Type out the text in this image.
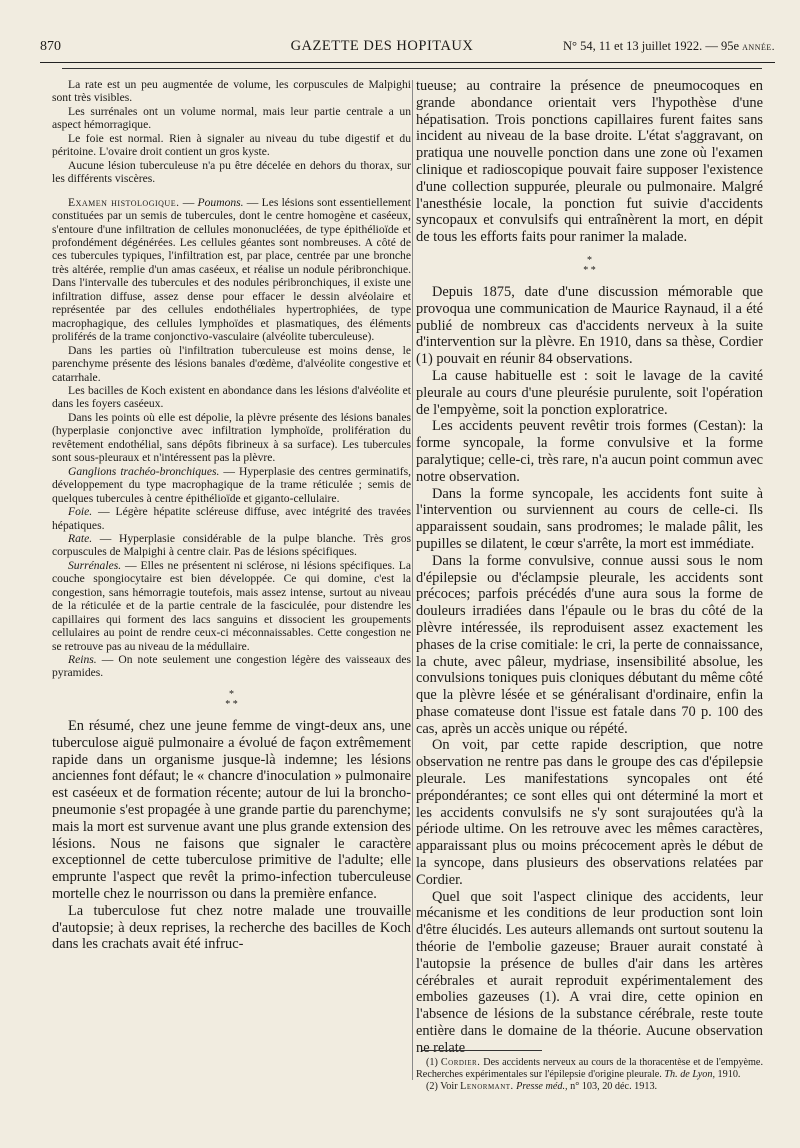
870	GAZETTE DES HOPITAUX	N° 54, 11 et 13 juillet 1922. — 95e année.

La rate est un peu augmentée de volume, les corpuscules de Malpighi sont très visibles.

Les surrénales ont un volume normal, mais leur partie centrale a un aspect hémorragique.

Le foie est normal. Rien à signaler au niveau du tube digestif et du péritoine. L'ovaire droit contient un gros kyste.

Aucune lésion tuberculeuse n'a pu être décelée en dehors du thorax, sur les différents viscères.

Examen histologique. — Poumons. — Les lésions sont essentiellement constituées par un semis de tubercules, dont le centre homogène et caséeux, s'entoure d'une infiltration de cellules mononucléées, de type épithélioïde et profondément dégénérées. Les cellules géantes sont nombreuses. A côté de ces tubercules typiques, l'infiltration est, par place, centrée par une bronche très altérée, remplie d'un amas caséeux, et réalise un nodule péribronchique. Dans l'intervalle des tubercules et des nodules péribronchiques, il existe une infiltration diffuse, assez dense pour effacer le dessin alvéolaire et représentée par des cellules endothéliales hypertrophiées, de type macrophagique, des cellules lymphoïdes et plasmatiques, des éléments proliférés de la trame conjonctivo-vasculaire (alvéolite tuberculeuse).

Dans les parties où l'infiltration tuberculeuse est moins dense, le parenchyme présente des lésions banales d'œdème, d'alvéolite congestive et catarrhale.

Les bacilles de Koch existent en abondance dans les lésions d'alvéolite et dans les foyers caséeux.

Dans les points où elle est dépolie, la plèvre présente des lésions banales (hyperplasie conjonctive avec infiltration lymphoïde, prolifération du revêtement endothélial, sans dépôts fibrineux à sa surface). Les tubercules sont sous-pleuraux et n'intéressent pas la plèvre.

Ganglions trachéo-bronchiques. — Hyperplasie des centres germinatifs, développement du type macrophagique de la trame réticulée ; semis de quelques tubercules à centre épithélioïde et giganto-cellulaire.

Foie. — Légère hépatite scléreuse diffuse, avec intégrité des travées hépatiques.

Rate. — Hyperplasie considérable de la pulpe blanche. Très gros corpuscules de Malpighi à centre clair. Pas de lésions spécifiques.

Surrénales. — Elles ne présentent ni sclérose, ni lésions spécifiques. La couche spongiocytaire est bien développée. Ce qui domine, c'est la congestion, sans hémorragie toutefois, mais assez intense, surtout au niveau de la réticulée et de la partie centrale de la fasciculée, pour distendre les capillaires qui forment des lacs sanguins et dissocient les groupements cellulaires au point de rendre ceux-ci méconnaissables. Cette congestion ne se retrouve pas au niveau de la médullaire.

Reins. — On note seulement une congestion légère des vaisseaux des pyramides.

*
* *

En résumé, chez une jeune femme de vingt-deux ans, une tuberculose aiguë pulmonaire a évolué de façon extrêmement rapide dans un organisme jusque-là indemne; les lésions anciennes font défaut; le « chancre d'inoculation » pulmonaire est caséeux et de formation récente; autour de lui la broncho-pneumonie s'est propagée à une grande partie du parenchyme; mais la mort est survenue avant une plus grande extension des lésions. Nous ne faisons que signaler le caractère exceptionnel de cette tuberculose primitive de l'adulte; elle emprunte l'aspect que revêt la primo-infection tuberculeuse mortelle chez le nourrisson ou dans la première enfance.

La tuberculose fut chez notre malade une trouvaille d'autopsie; à deux reprises, la recherche des bacilles de Koch dans les crachats avait été infruc-

tueuse; au contraire la présence de pneumocoques en grande abondance orientait vers l'hypothèse d'une hépatisation. Trois ponctions capillaires furent faites sans incident au niveau de la base droite. L'état s'aggravant, on pratiqua une nouvelle ponction dans une zone où l'examen clinique et radioscopique pouvait faire supposer l'existence d'une collection suppurée, pleurale ou pulmonaire. Malgré l'anesthésie locale, la ponction fut suivie d'accidents syncopaux et convulsifs qui entraînèrent la mort, en dépit de tous les efforts faits pour ranimer la malade.

*
* *

Depuis 1875, date d'une discussion mémorable que provoqua une communication de Maurice Raynaud, il a été publié de nombreux cas d'accidents nerveux à la suite d'intervention sur la plèvre. En 1910, dans sa thèse, Cordier (1) pouvait en réunir 84 observations.

La cause habituelle est : soit le lavage de la cavité pleurale au cours d'une pleurésie purulente, soit l'opération de l'empyème, soit la ponction exploratrice.

Les accidents peuvent revêtir trois formes (Cestan): la forme syncopale, la forme convulsive et la forme paralytique; celle-ci, très rare, n'a aucun point commun avec notre observation.

Dans la forme syncopale, les accidents font suite à l'intervention ou surviennent au cours de celle-ci. Ils apparaissent soudain, sans prodromes; le malade pâlit, les pupilles se dilatent, le cœur s'arrête, la mort est immédiate.

Dans la forme convulsive, connue aussi sous le nom d'épilepsie ou d'éclampsie pleurale, les accidents sont précoces; parfois précédés d'une aura sous la forme de douleurs irradiées dans l'épaule ou le bras du côté de la plèvre intéressée, ils reproduisent assez exactement les phases de la crise comitiale: le cri, la perte de connaissance, la chute, avec pâleur, mydriase, insensibilité absolue, les convulsions toniques puis cloniques débutant du même côté que la plèvre lésée et se généralisant d'ordinaire, enfin la phase comateuse dont l'issue est fatale dans 70 p. 100 des cas, après un accès unique ou répété.

On voit, par cette rapide description, que notre observation ne rentre pas dans le groupe des cas d'épilepsie pleurale. Les manifestations syncopales ont été prépondérantes; ce sont elles qui ont déterminé la mort et les accidents convulsifs ne s'y sont surajoutées qu'à la période ultime. On les retrouve avec les mêmes caractères, apparaissant plus ou moins précocement après le début de la syncope, dans plusieurs des observations relatées par Cordier.

Quel que soit l'aspect clinique des accidents, leur mécanisme et les conditions de leur production sont loin d'être élucidés. Les auteurs allemands ont surtout soutenu la théorie de l'embolie gazeuse; Brauer aurait constaté à l'autopsie la présence de bulles d'air dans les artères cérébrales et aurait reproduit expérimentalement des embolies gazeuses (1). A vrai dire, cette opinion en l'absence de lésions de la substance cérébrale, reste toute entière dans le domaine de la théorie. Aucune observation ne relate

(1) Cordier. Des accidents nerveux au cours de la thoracentèse et de l'empyème. Recherches expérimentales sur l'épilepsie d'origine pleurale. Th. de Lyon, 1910.

(2) Voir Lenormant. Presse méd., n° 103, 20 déc. 1913.
